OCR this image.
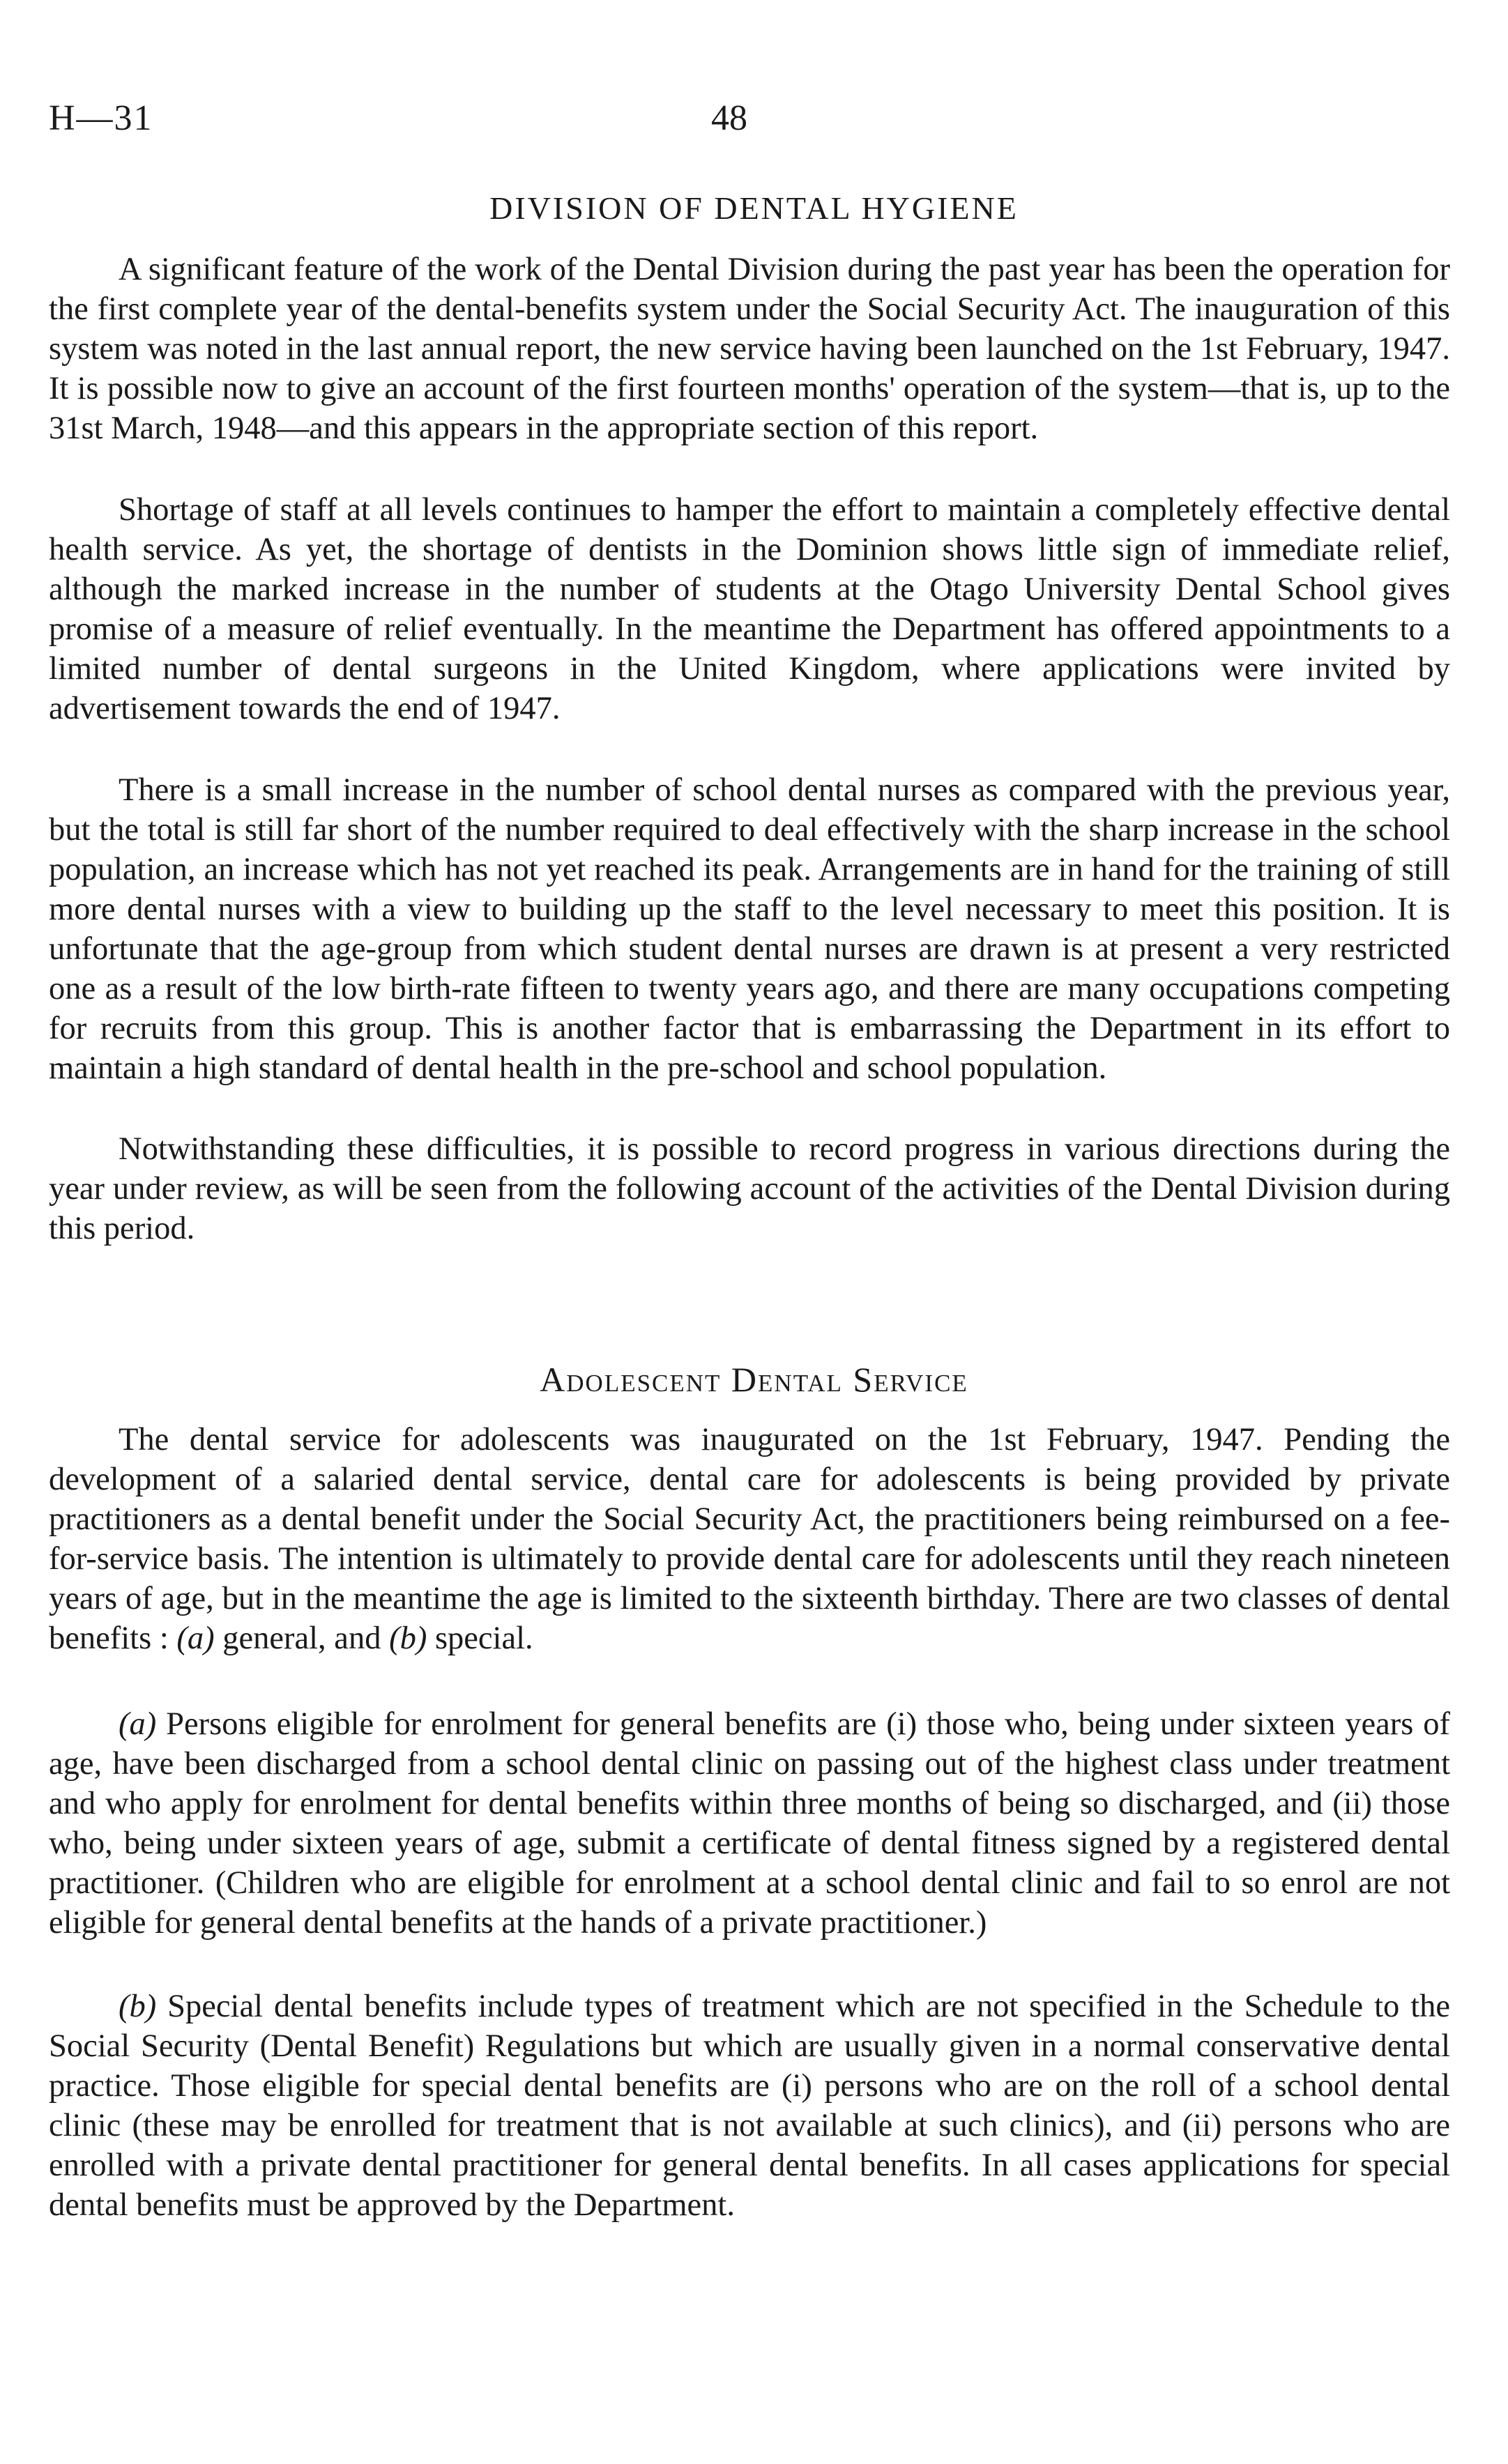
H—31	48
DIVISION OF DENTAL HYGIENE

A significant feature of the work of the Dental Division during the past year has been the operation for the first complete year of the dental-benefits system under the Social Security Act. The inauguration of this system was noted in the last annual report, the new service having been launched on the 1st February, 1947. It is possible now to give an account of the first fourteen months' operation of the system—that is, up to the 31st March, 1948—and this appears in the appropriate section of this report.

Shortage of staff at all levels continues to hamper the effort to maintain a completely effective dental health service. As yet, the shortage of dentists in the Dominion shows little sign of immediate relief, although the marked increase in the number of students at the Otago University Dental School gives promise of a measure of relief eventually. In the meantime the Department has offered appointments to a limited number of dental surgeons in the United Kingdom, where applications were invited by advertisement towards the end of 1947.

There is a small increase in the number of school dental nurses as compared with the previous year, but the total is still far short of the number required to deal effectively with the sharp increase in the school population, an increase which has not yet reached its peak. Arrangements are in hand for the training of still more dental nurses with a view to building up the staff to the level necessary to meet this position. It is unfortunate that the age-group from which student dental nurses are drawn is at present a very restricted one as a result of the low birth-rate fifteen to twenty years ago, and there are many occupations competing for recruits from this group. This is another factor that is embarrassing the Department in its effort to maintain a high standard of dental health in the pre-school and school population.

Notwithstanding these difficulties, it is possible to record progress in various directions during the year under review, as will be seen from the following account of the activities of the Dental Division during this period.

Adolescent Dental Service

The dental service for adolescents was inaugurated on the 1st February, 1947. Pending the development of a salaried dental service, dental care for adolescents is being provided by private practitioners as a dental benefit under the Social Security Act, the practitioners being reimbursed on a fee-for-service basis. The intention is ultimately to provide dental care for adolescents until they reach nineteen years of age, but in the meantime the age is limited to the sixteenth birthday. There are two classes of dental benefits : (a) general, and (b) special.

(a) Persons eligible for enrolment for general benefits are (i) those who, being under sixteen years of age, have been discharged from a school dental clinic on passing out of the highest class under treatment and who apply for enrolment for dental benefits within three months of being so discharged, and (ii) those who, being under sixteen years of age, submit a certificate of dental fitness signed by a registered dental practitioner. (Children who are eligible for enrolment at a school dental clinic and fail to so enrol are not eligible for general dental benefits at the hands of a private practitioner.)

(b) Special dental benefits include types of treatment which are not specified in the Schedule to the Social Security (Dental Benefit) Regulations but which are usually given in a normal conservative dental practice. Those eligible for special dental benefits are (i) persons who are on the roll of a school dental clinic (these may be enrolled for treatment that is not available at such clinics), and (ii) persons who are enrolled with a private dental practitioner for general dental benefits. In all cases applications for special dental benefits must be approved by the Department.
